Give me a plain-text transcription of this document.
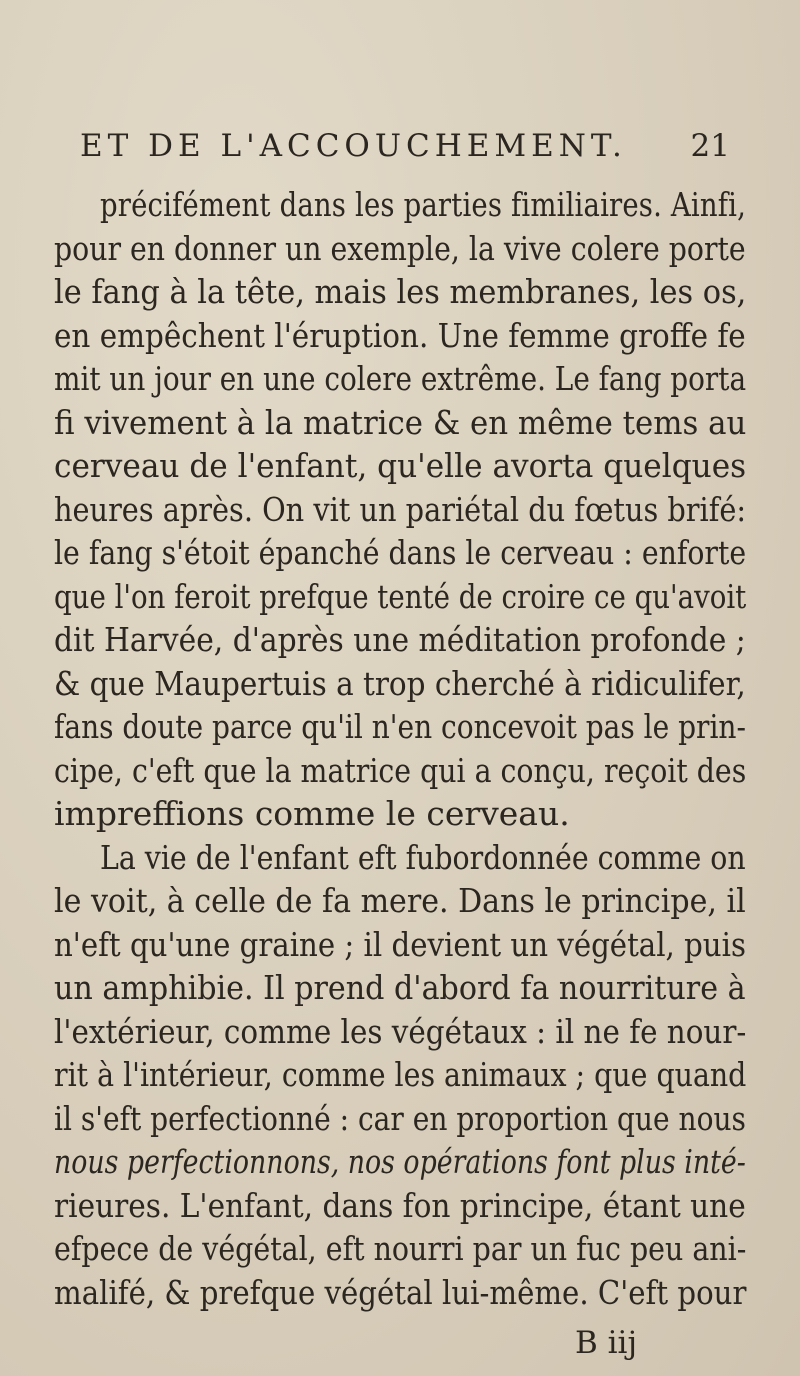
ET DE L'ACCOUCHEMENT. 21
précifément dans les parties fimiliaires. Ainfi,
pour en donner un exemple, la vive colere porte
le fang à la tête, mais les membranes, les os,
en empêchent l'éruption. Une femme groffe fe
mit un jour en une colere extrême. Le fang porta
fi vivement à la matrice & en même tems au
cerveau de l'enfant, qu'elle avorta quelques
heures après. On vit un pariétal du fœtus brifé:
le fang s'étoit épanché dans le cerveau : enforte
que l'on feroit prefque tenté de croire ce qu'avoit
dit Harvée, d'après une méditation profonde ;
& que Maupertuis a trop cherché à ridiculifer,
fans doute parce qu'il n'en concevoit pas le prin-
cipe, c'eft que la matrice qui a conçu, reçoit des
impreffions comme le cerveau.
La vie de l'enfant eft fubordonnée comme on
le voit, à celle de fa mere. Dans le principe, il
n'eft qu'une graine ; il devient un végétal, puis
un amphibie. Il prend d'abord fa nourriture à
l'extérieur, comme les végétaux : il ne fe nour-
rit à l'intérieur, comme les animaux ; que quand
il s'eft perfectionné : car en proportion que nous
nous perfectionnons, nos opérations font plus inté-
rieures. L'enfant, dans fon principe, étant une
efpece de végétal, eft nourri par un fuc peu ani-
malifé, & prefque végétal lui-même. C'eft pour
B iij
